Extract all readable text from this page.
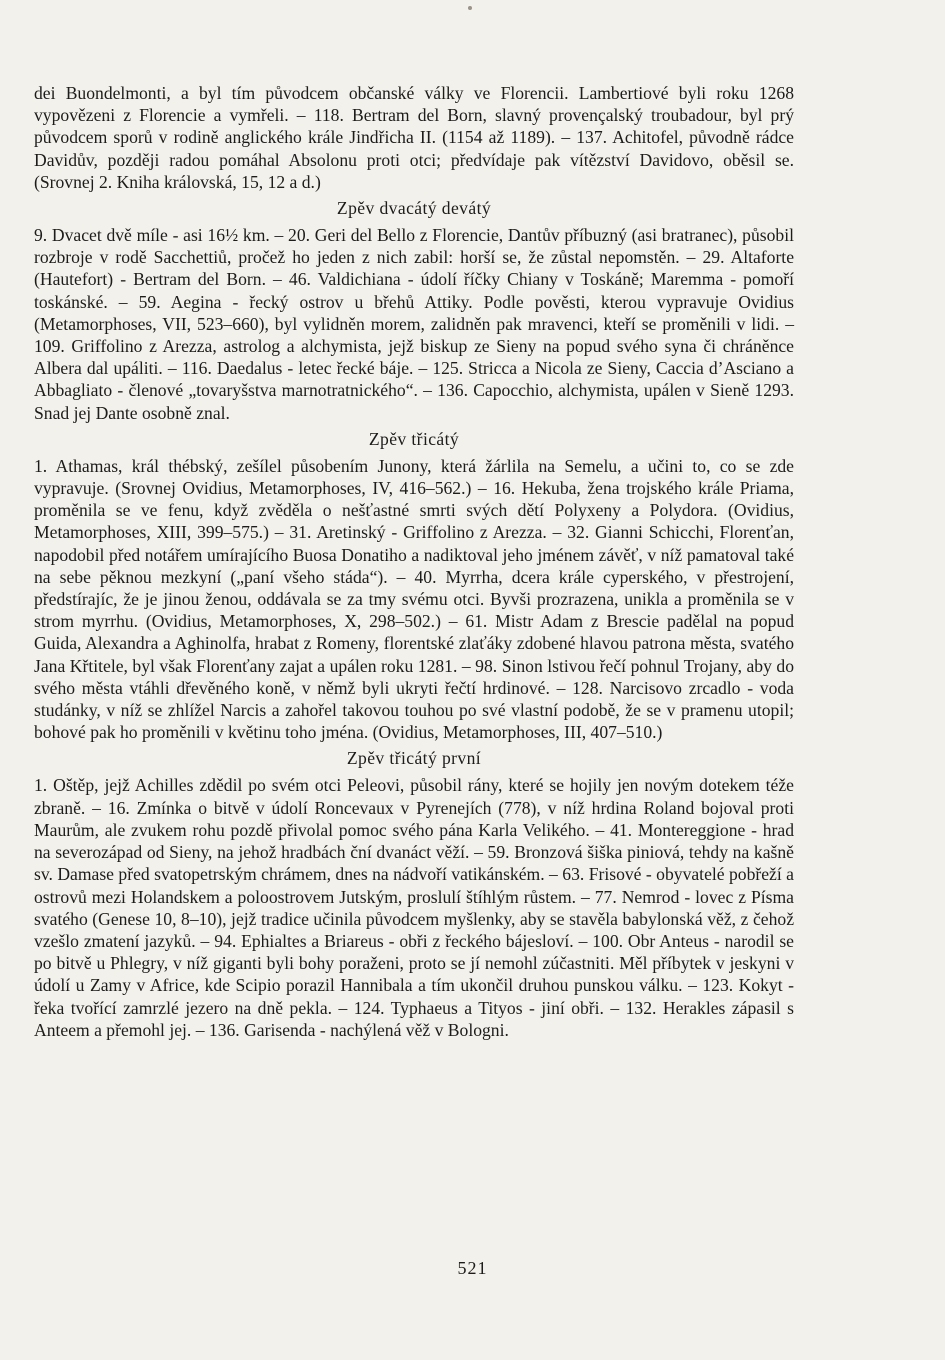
dei Buondelmonti, a byl tím původcem občanské války ve Florencii. Lambertiové byli roku 1268 vypovězeni z Florencie a vymřeli. – 118. Bertram del Born, slavný provençalský troubadour, byl prý původcem sporů v rodině anglického krále Jindřicha II. (1154 až 1189). – 137. Achitofel, původně rádce Davidův, později radou pomáhal Absolonu proti otci; předvídaje pak vítězství Davidovo, oběsil se. (Srovnej 2. Kniha královská, 15, 12 a d.)

Zpěv dvacátý devátý

9. Dvacet dvě míle - asi 16½ km. – 20. Geri del Bello z Florencie, Dantův příbuzný (asi bratranec), působil rozbroje v rodě Sacchettiů, pročež ho jeden z nich zabil: horší se, že zůstal nepomstěn. – 29. Altaforte (Hautefort) - Bertram del Born. – 46. Valdichiana - údolí říčky Chiany v Toskáně; Maremma - pomoří toskánské. – 59. Aegina - řecký ostrov u břehů Attiky. Podle pověsti, kterou vypravuje Ovidius (Metamorphoses, VII, 523–660), byl vylidněn morem, zalidněn pak mravenci, kteří se proměnili v lidi. – 109. Griffolino z Arezza, astrolog a alchymista, jejž biskup ze Sieny na popud svého syna či chráněnce Albera dal upáliti. – 116. Daedalus - letec řecké báje. – 125. Stricca a Nicola ze Sieny, Caccia d’Asciano a Abbagliato - členové „tovaryšstva marnotratnického“. – 136. Capocchio, alchymista, upálen v Sieně 1293. Snad jej Dante osobně znal.

Zpěv třicátý

1. Athamas, král thébský, zešílel působením Junony, která žárlila na Semelu, a učini to, co se zde vypravuje. (Srovnej Ovidius, Metamorphoses, IV, 416–562.) – 16. Hekuba, žena trojského krále Priama, proměnila se ve fenu, když zvěděla o nešťastné smrti svých dětí Polyxeny a Polydora. (Ovidius, Metamorphoses, XIII, 399–575.) – 31. Aretinský - Griffolino z Arezza. – 32. Gianni Schicchi, Florenťan, napodobil před notářem umírajícího Buosa Donatiho a nadiktoval jeho jménem závěť, v níž pamatoval také na sebe pěknou mezkyní („paní všeho stáda“). – 40. Myrrha, dcera krále cyperského, v přestrojení, předstírajíc, že je jinou ženou, oddávala se za tmy svému otci. Byvši prozrazena, unikla a proměnila se v strom myrrhu. (Ovidius, Metamorphoses, X, 298–502.) – 61. Mistr Adam z Brescie padělal na popud Guida, Alexandra a Aghinolfa, hrabat z Romeny, florentské zlaťáky zdobené hlavou patrona města, svatého Jana Křtitele, byl však Florenťany zajat a upálen roku 1281. – 98. Sinon lstivou řečí pohnul Trojany, aby do svého města vtáhli dřevěného koně, v němž byli ukryti řečtí hrdinové. – 128. Narcisovo zrcadlo - voda studánky, v níž se zhlížel Narcis a zahořel takovou touhou po své vlastní podobě, že se v pramenu utopil; bohové pak ho proměnili v květinu toho jména. (Ovidius, Metamorphoses, III, 407–510.)

Zpěv třicátý první

1. Oštěp, jejž Achilles zdědil po svém otci Peleovi, působil rány, které se hojily jen novým dotekem téže zbraně. – 16. Zmínka o bitvě v údolí Roncevaux v Pyrenejích (778), v níž hrdina Roland bojoval proti Maurům, ale zvukem rohu pozdě přivolal pomoc svého pána Karla Velikého. – 41. Montereggione - hrad na severozápad od Sieny, na jehož hradbách ční dvanáct věží. – 59. Bronzová šiška piniová, tehdy na kašně sv. Damase před svatopetrským chrámem, dnes na nádvoří vatikánském. – 63. Frisové - obyvatelé pobřeží a ostrovů mezi Holandskem a poloostrovem Jutským, proslulí štíhlým růstem. – 77. Nemrod - lovec z Písma svatého (Genese 10, 8–10), jejž tradice učinila původcem myšlenky, aby se stavěla babylonská věž, z čehož vzešlo zmatení jazyků. – 94. Ephialtes a Briareus - obři z řeckého bájesloví. – 100. Obr Anteus - narodil se po bitvě u Phlegry, v níž giganti byli bohy poraženi, proto se jí nemohl zúčastniti. Měl příbytek v jeskyni v údolí u Zamy v Africe, kde Scipio porazil Hannibala a tím ukončil druhou punskou válku. – 123. Kokyt - řeka tvořící zamrzlé jezero na dně pekla. – 124. Typhaeus a Tityos - jiní obři. – 132. Herakles zápasil s Anteem a přemohl jej. – 136. Garisenda - nachýlená věž v Bologni.

521
